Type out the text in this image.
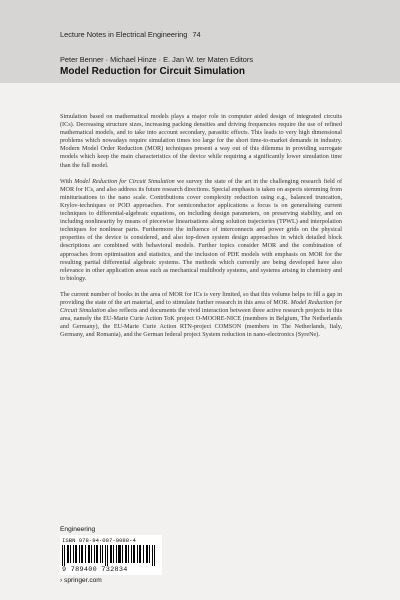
Lecture Notes in Electrical Engineering 74
Peter Benner · Michael Hinze · E. Jan W. ter Maten Editors
Model Reduction for Circuit Simulation

Simulation based on mathematical models plays a major role in computer aided design of integrated circuits (ICs). Decreasing structure sizes, increasing packing densities and driving frequencies require the use of refined mathematical models, and to take into account secondary, parasitic effects. This leads to very high dimensional problems which nowadays require simulation times too large for the short time-to-market demands in industry. Modern Model Order Reduction (MOR) techniques present a way out of this dilemma in providing surrogate models which keep the main characteristics of the device while requiring a significantly lower simulation time than the full model.

With Model Reduction for Circuit Simulation we survey the state of the art in the challenging research field of MOR for ICs, and also address its future research directions. Special emphasis is taken on aspects stemming from miniturisations to the nano scale. Contributions cover complexity reduction using e.g., balanced truncation, Krylov-techniques or POD approaches. For semiconductor applications a focus is on generalising current techniques to differential-algebraic equations, on including design parameters, on preserving stability, and on including nonlinearity by means of piecewise linearisations along solution trajectories (TPWL) and interpolation techniques for nonlinear parts. Furthermore the influence of interconnects and power grids on the physical properties of the device is considered, and also top-down system design approaches in which detailed block descriptions are combined with behavioral models. Further topics consider MOR and the combination of approaches from optimisation and statistics, and the inclusion of PDE models with emphasis on MOR for the resulting partial differential algebraic systems. The methods which currently are being developed have also relevance in other application areas such as mechanical multibody systems, and systems arising in chemistry and to biology.

The current number of books in the area of MOR for ICs is very limited, so that this volume helps to fill a gap in providing the state of the art material, and to stimulate further research in this area of MOR. Model Reduction for Circuit Simulation also reflects and documents the vivid interaction between three active research projects in this area, namely the EU-Marie Curie Action ToK project O-MOORE-NICE (members in Belgium, The Netherlands and Germany), the EU-Marie Curie Action RTN-project COMSON (members in The Netherlands, Italy, Germany, and Romania), and the German federal project System reduction in nano-electronics (SyreNe).

Engineering
ISBN 978-94-007-0088-4
9 789400 732834
› springer.com
